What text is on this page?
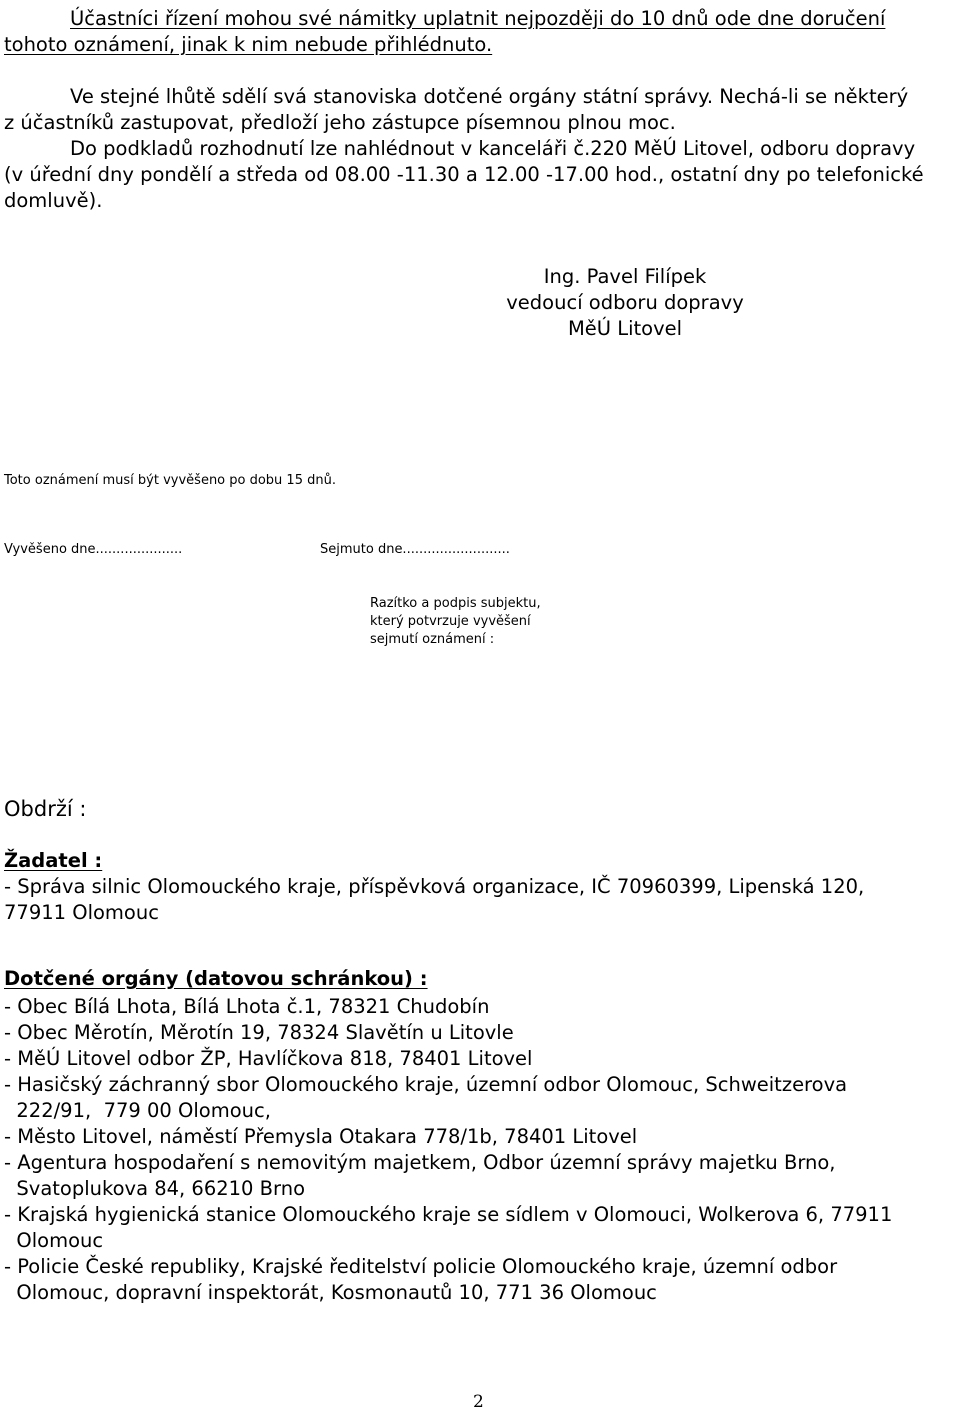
Účastníci řízení mohou své námitky uplatnit nejpozději do 10 dnů ode dne doručení
tohoto oznámení, jinak k nim nebude přihlédnuto.
Ve stejné lhůtě sdělí svá stanoviska dotčené orgány státní správy. Nechá-li se některý
z účastníků zastupovat, předloží jeho zástupce písemnou plnou moc.
Do podkladů rozhodnutí lze nahlédnout v kanceláři č.220 MěÚ Litovel, odboru dopravy
(v úřední dny pondělí a středa od 08.00 -11.30 a 12.00 -17.00 hod., ostatní dny po telefonické
domluvě).
Ing. Pavel Filípek
vedoucí odboru dopravy
MěÚ Litovel
Toto oznámení musí být vyvěšeno po dobu 15 dnů.
Vyvěšeno dne.....................	Sejmuto dne..........................
Razítko a podpis subjektu,
který potvrzuje vyvěšení
sejmutí oznámení :
Obdrží :
Žadatel :
- Správa silnic Olomouckého kraje, příspěvková organizace, IČ 70960399, Lipenská 120,
77911 Olomouc
Dotčené orgány (datovou schránkou) :
- Obec Bílá Lhota, Bílá Lhota č.1, 78321 Chudobín
- Obec Měrotín, Měrotín 19, 78324 Slavětín u Litovle
- MěÚ Litovel odbor ŽP, Havlíčkova 818, 78401 Litovel
- Hasičský záchranný sbor Olomouckého kraje, územní odbor Olomouc, Schweitzerova
222/91,  779 00 Olomouc,
- Město Litovel, náměstí Přemysla Otakara 778/1b, 78401 Litovel
- Agentura hospodaření s nemovitým majetkem, Odbor územní správy majetku Brno,
Svatoplukova 84, 66210 Brno
- Krajská hygienická stanice Olomouckého kraje se sídlem v Olomouci, Wolkerova 6, 77911
Olomouc
- Policie České republiky, Krajské ředitelství policie Olomouckého kraje, územní odbor
Olomouc, dopravní inspektorát, Kosmonautů 10, 771 36 Olomouc
2
